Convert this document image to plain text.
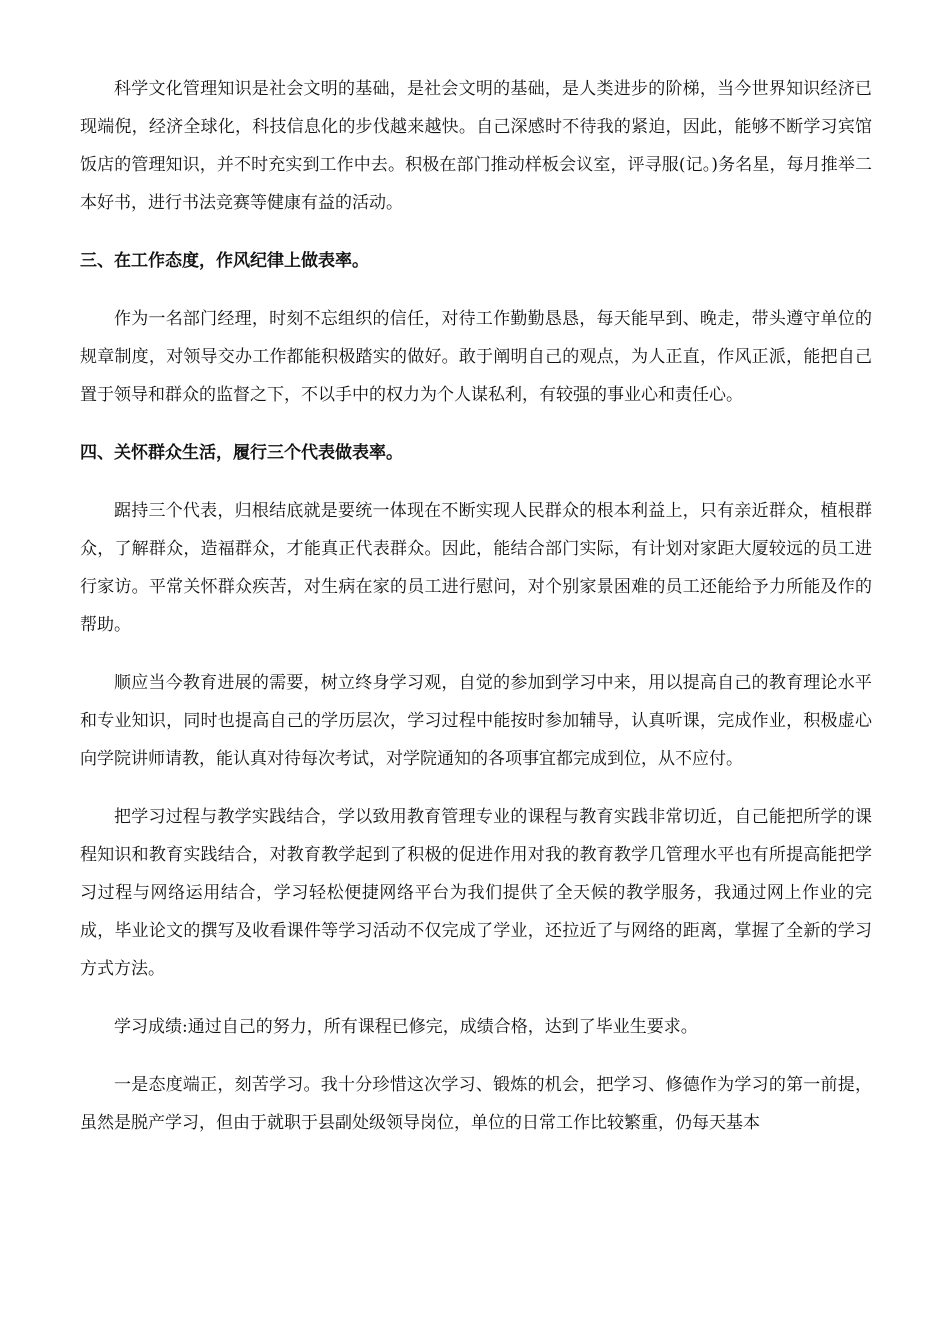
科学文化管理知识是社会文明的基础，是社会文明的基础，是人类进步的阶梯，当今世界知识经济已现端倪，经济全球化，科技信息化的步伐越来越快。自己深感时不待我的紧迫，因此，能够不断学习宾馆饭店的管理知识，并不时充实到工作中去。积极在部门推动样板会议室，评寻服(记。)务名星，每月推举二本好书，进行书法竞赛等健康有益的活动。

三、在工作态度，作风纪律上做表率。

作为一名部门经理，时刻不忘组织的信任，对待工作勤勤恳恳，每天能早到、晚走，带头遵守单位的规章制度，对领导交办工作都能积极踏实的做好。敢于阐明自己的观点，为人正直，作风正派，能把自己置于领导和群众的监督之下，不以手中的权力为个人谋私利，有较强的事业心和责任心。

四、关怀群众生活，履行三个代表做表率。

踞持三个代表，归根结底就是要统一体现在不断实现人民群众的根本利益上，只有亲近群众，植根群众，了解群众，造福群众，才能真正代表群众。因此，能结合部门实际，有计划对家距大厦较远的员工进行家访。平常关怀群众疾苦，对生病在家的员工进行慰问，对个别家景困难的员工还能给予力所能及作的帮助。

顺应当今教育进展的需要，树立终身学习观，自觉的参加到学习中来，用以提高自己的教育理论水平和专业知识，同时也提高自己的学历层次，学习过程中能按时参加辅导，认真听课，完成作业，积极虚心向学院讲师请教，能认真对待每次考试，对学院通知的各项事宜都完成到位，从不应付。

把学习过程与教学实践结合，学以致用教育管理专业的课程与教育实践非常切近，自己能把所学的课程知识和教育实践结合，对教育教学起到了积极的促进作用对我的教育教学几管理水平也有所提高能把学习过程与网络运用结合，学习轻松便捷网络平台为我们提供了全天候的教学服务，我通过网上作业的完成，毕业论文的撰写及收看课件等学习活动不仅完成了学业，还拉近了与网络的距离，掌握了全新的学习方式方法。

学习成绩:通过自己的努力，所有课程已修完，成绩合格，达到了毕业生要求。

一是态度端正，刻苦学习。我十分珍惜这次学习、锻炼的机会，把学习、修德作为学习的第一前提，虽然是脱产学习，但由于就职于县副处级领导岗位，单位的日常工作比较繁重，仍每天基本
